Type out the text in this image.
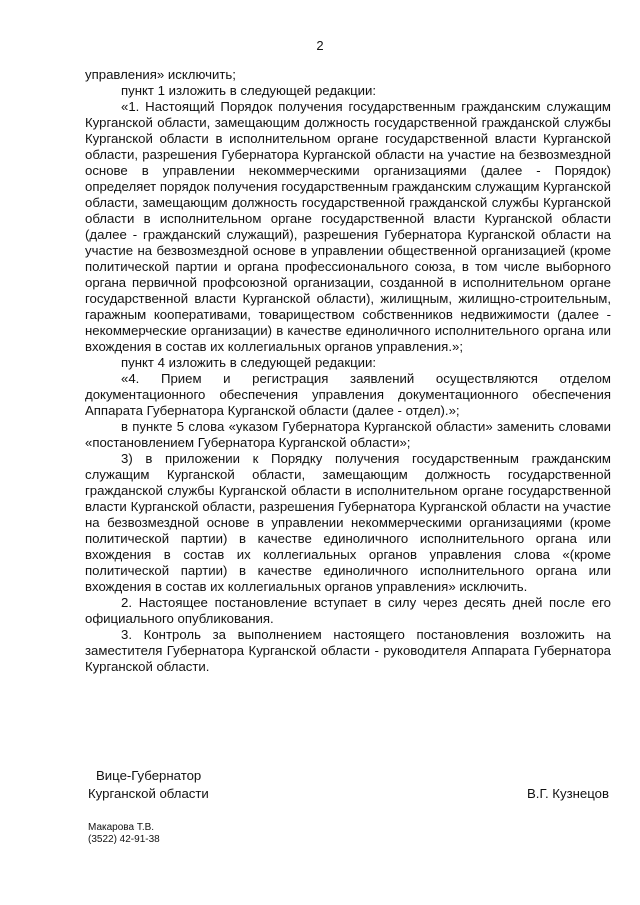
2

управления» исключить;

пункт 1 изложить в следующей редакции:

«1. Настоящий Порядок получения государственным гражданским служащим Курганской области, замещающим должность государственной гражданской службы Курганской области в исполнительном органе государственной власти Курганской области, разрешения Губернатора Курганской области на участие на безвозмездной основе в управлении некоммерческими организациями (далее - Порядок) определяет порядок получения государственным гражданским служащим Курганской области, замещающим должность государственной гражданской службы Курганской области в исполнительном органе государственной власти Курганской области (далее - гражданский служащий), разрешения Губернатора Курганской области на участие на безвозмездной основе в управлении общественной организацией (кроме политической партии и органа профессионального союза, в том числе выборного органа первичной профсоюзной организации, созданной в исполнительном органе государственной власти Курганской области), жилищным, жилищно-строительным, гаражным кооперативами, товариществом собственников недвижимости (далее - некоммерческие организации) в качестве единоличного исполнительного органа или вхождения в состав их коллегиальных органов управления.»;

пункт 4 изложить в следующей редакции:

«4. Прием и регистрация заявлений осуществляются отделом документационного обеспечения управления документационного обеспечения Аппарата Губернатора Курганской области (далее - отдел).»;

в пункте 5 слова «указом Губернатора Курганской области» заменить словами «постановлением Губернатора Курганской области»;

3) в приложении к Порядку получения государственным гражданским служащим Курганской области, замещающим должность государственной гражданской службы Курганской области в исполнительном органе государственной власти Курганской области, разрешения Губернатора Курганской области на участие на безвозмездной основе в управлении некоммерческими организациями (кроме политической партии) в качестве единоличного исполнительного органа или вхождения в состав их коллегиальных органов управления слова «(кроме политической партии) в качестве единоличного исполнительного органа или вхождения в состав их коллегиальных органов управления» исключить.

2. Настоящее постановление вступает в силу через десять дней после его официального опубликования.

3. Контроль за выполнением настоящего постановления возложить на заместителя Губернатора Курганской области - руководителя Аппарата Губернатора Курганской области.

Вице-Губернатор
Курганской области	В.Г. Кузнецов
Макарова Т.В.
(3522) 42-91-38
